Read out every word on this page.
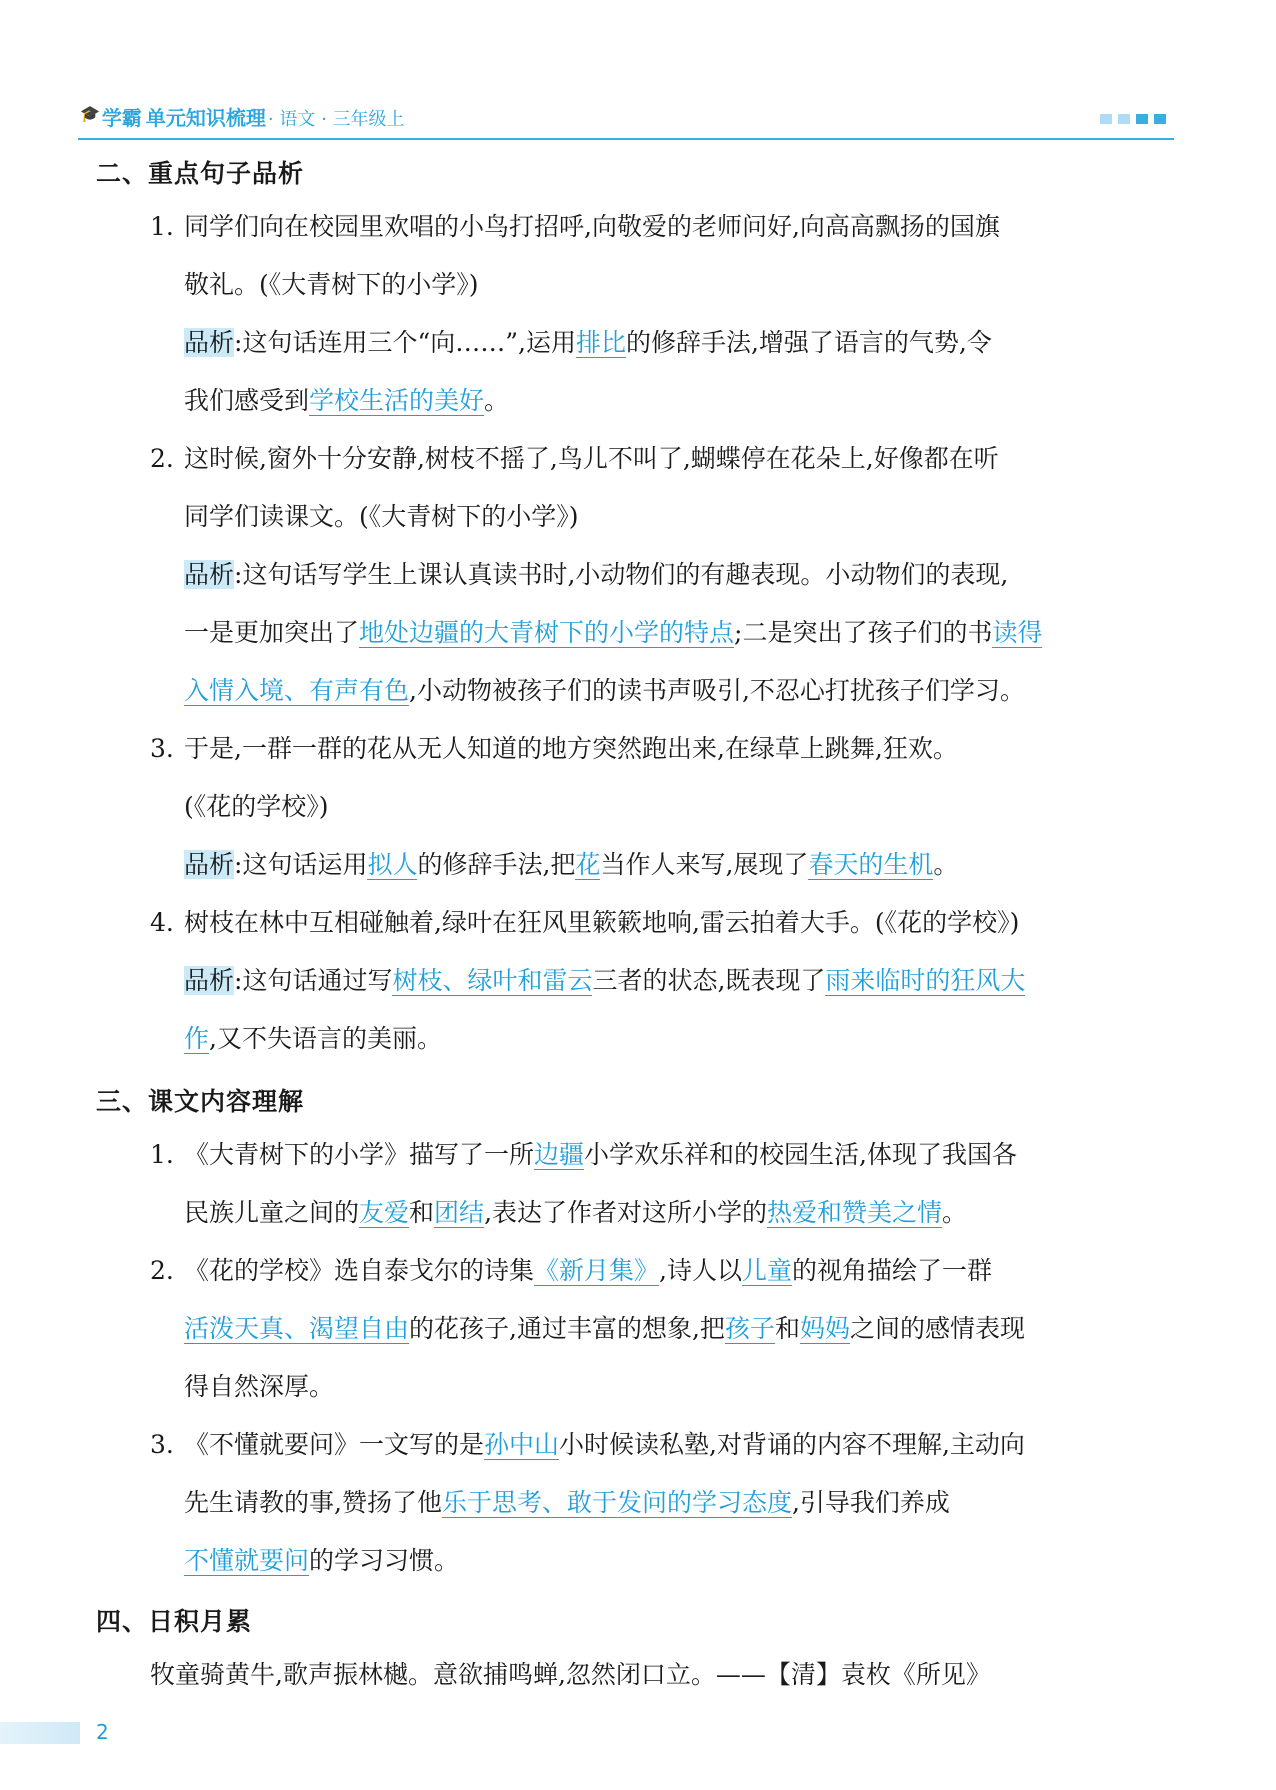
🎓 学霸 单元知识梳理 · 语文 · 三年级上
二、重点句子品析
1. 同学们向在校园里欢唱的小鸟打招呼,向敬爱的老师问好,向高高飘扬的国旗
敬礼。(《大青树下的小学》)
品析:这句话连用三个“向……”,运用排比的修辞手法,增强了语言的气势,令
我们感受到学校生活的美好。
2. 这时候,窗外十分安静,树枝不摇了,鸟儿不叫了,蝴蝶停在花朵上,好像都在听
同学们读课文。(《大青树下的小学》)
品析:这句话写学生上课认真读书时,小动物们的有趣表现。小动物们的表现,
一是更加突出了地处边疆的大青树下的小学的特点;二是突出了孩子们的书读得
入情入境、有声有色,小动物被孩子们的读书声吸引,不忍心打扰孩子们学习。
3. 于是,一群一群的花从无人知道的地方突然跑出来,在绿草上跳舞,狂欢。
(《花的学校》)
品析:这句话运用拟人的修辞手法,把花当作人来写,展现了春天的生机。
4. 树枝在林中互相碰触着,绿叶在狂风里簌簌地响,雷云拍着大手。(《花的学校》)
品析:这句话通过写树枝、绿叶和雷云三者的状态,既表现了雨来临时的狂风大
作,又不失语言的美丽。
三、课文内容理解
1. 《大青树下的小学》描写了一所边疆小学欢乐祥和的校园生活,体现了我国各
民族儿童之间的友爱和团结,表达了作者对这所小学的热爱和赞美之情。
2. 《花的学校》选自泰戈尔的诗集《新月集》,诗人以儿童的视角描绘了一群
活泼天真、渴望自由的花孩子,通过丰富的想象,把孩子和妈妈之间的感情表现
得自然深厚。
3. 《不懂就要问》一文写的是孙中山小时候读私塾,对背诵的内容不理解,主动向
先生请教的事,赞扬了他乐于思考、敢于发问的学习态度,引导我们养成
不懂就要问的学习习惯。
四、日积月累
牧童骑黄牛,歌声振林樾。意欲捕鸣蝉,忽然闭口立。——【清】袁枚《所见》
2
